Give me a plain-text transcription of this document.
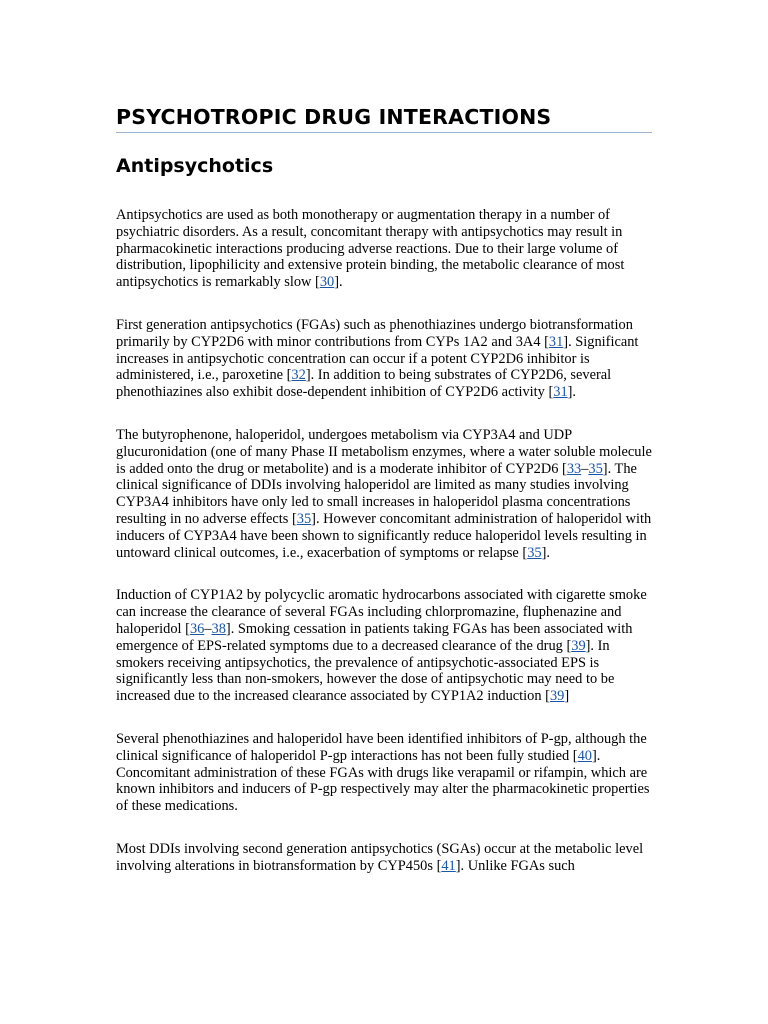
PSYCHOTROPIC DRUG INTERACTIONS
Antipsychotics

Antipsychotics are used as both monotherapy or augmentation therapy in a number of psychiatric disorders. As a result, concomitant therapy with antipsychotics may result in pharmacokinetic interactions producing adverse reactions. Due to their large volume of distribution, lipophilicity and extensive protein binding, the metabolic clearance of most antipsychotics is remarkably slow [30].

First generation antipsychotics (FGAs) such as phenothiazines undergo biotransformation primarily by CYP2D6 with minor contributions from CYPs 1A2 and 3A4 [31]. Significant increases in antipsychotic concentration can occur if a potent CYP2D6 inhibitor is administered, i.e., paroxetine [32]. In addition to being substrates of CYP2D6, several phenothiazines also exhibit dose-dependent inhibition of CYP2D6 activity [31].

The butyrophenone, haloperidol, undergoes metabolism via CYP3A4 and UDP glucuronidation (one of many Phase II metabolism enzymes, where a water soluble molecule is added onto the drug or metabolite) and is a moderate inhibitor of CYP2D6 [33–35]. The clinical significance of DDIs involving haloperidol are limited as many studies involving CYP3A4 inhibitors have only led to small increases in haloperidol plasma concentrations resulting in no adverse effects [35]. However concomitant administration of haloperidol with inducers of CYP3A4 have been shown to significantly reduce haloperidol levels resulting in untoward clinical outcomes, i.e., exacerbation of symptoms or relapse [35].

Induction of CYP1A2 by polycyclic aromatic hydrocarbons associated with cigarette smoke can increase the clearance of several FGAs including chlorpromazine, fluphenazine and haloperidol [36–38]. Smoking cessation in patients taking FGAs has been associated with emergence of EPS-related symptoms due to a decreased clearance of the drug [39]. In smokers receiving antipsychotics, the prevalence of antipsychotic-associated EPS is significantly less than non-smokers, however the dose of antipsychotic may need to be increased due to the increased clearance associated by CYP1A2 induction [39]

Several phenothiazines and haloperidol have been identified inhibitors of P-gp, although the clinical significance of haloperidol P-gp interactions has not been fully studied [40]. Concomitant administration of these FGAs with drugs like verapamil or rifampin, which are known inhibitors and inducers of P-gp respectively may alter the pharmacokinetic properties of these medications.

Most DDIs involving second generation antipsychotics (SGAs) occur at the metabolic level involving alterations in biotransformation by CYP450s [41]. Unlike FGAs such
